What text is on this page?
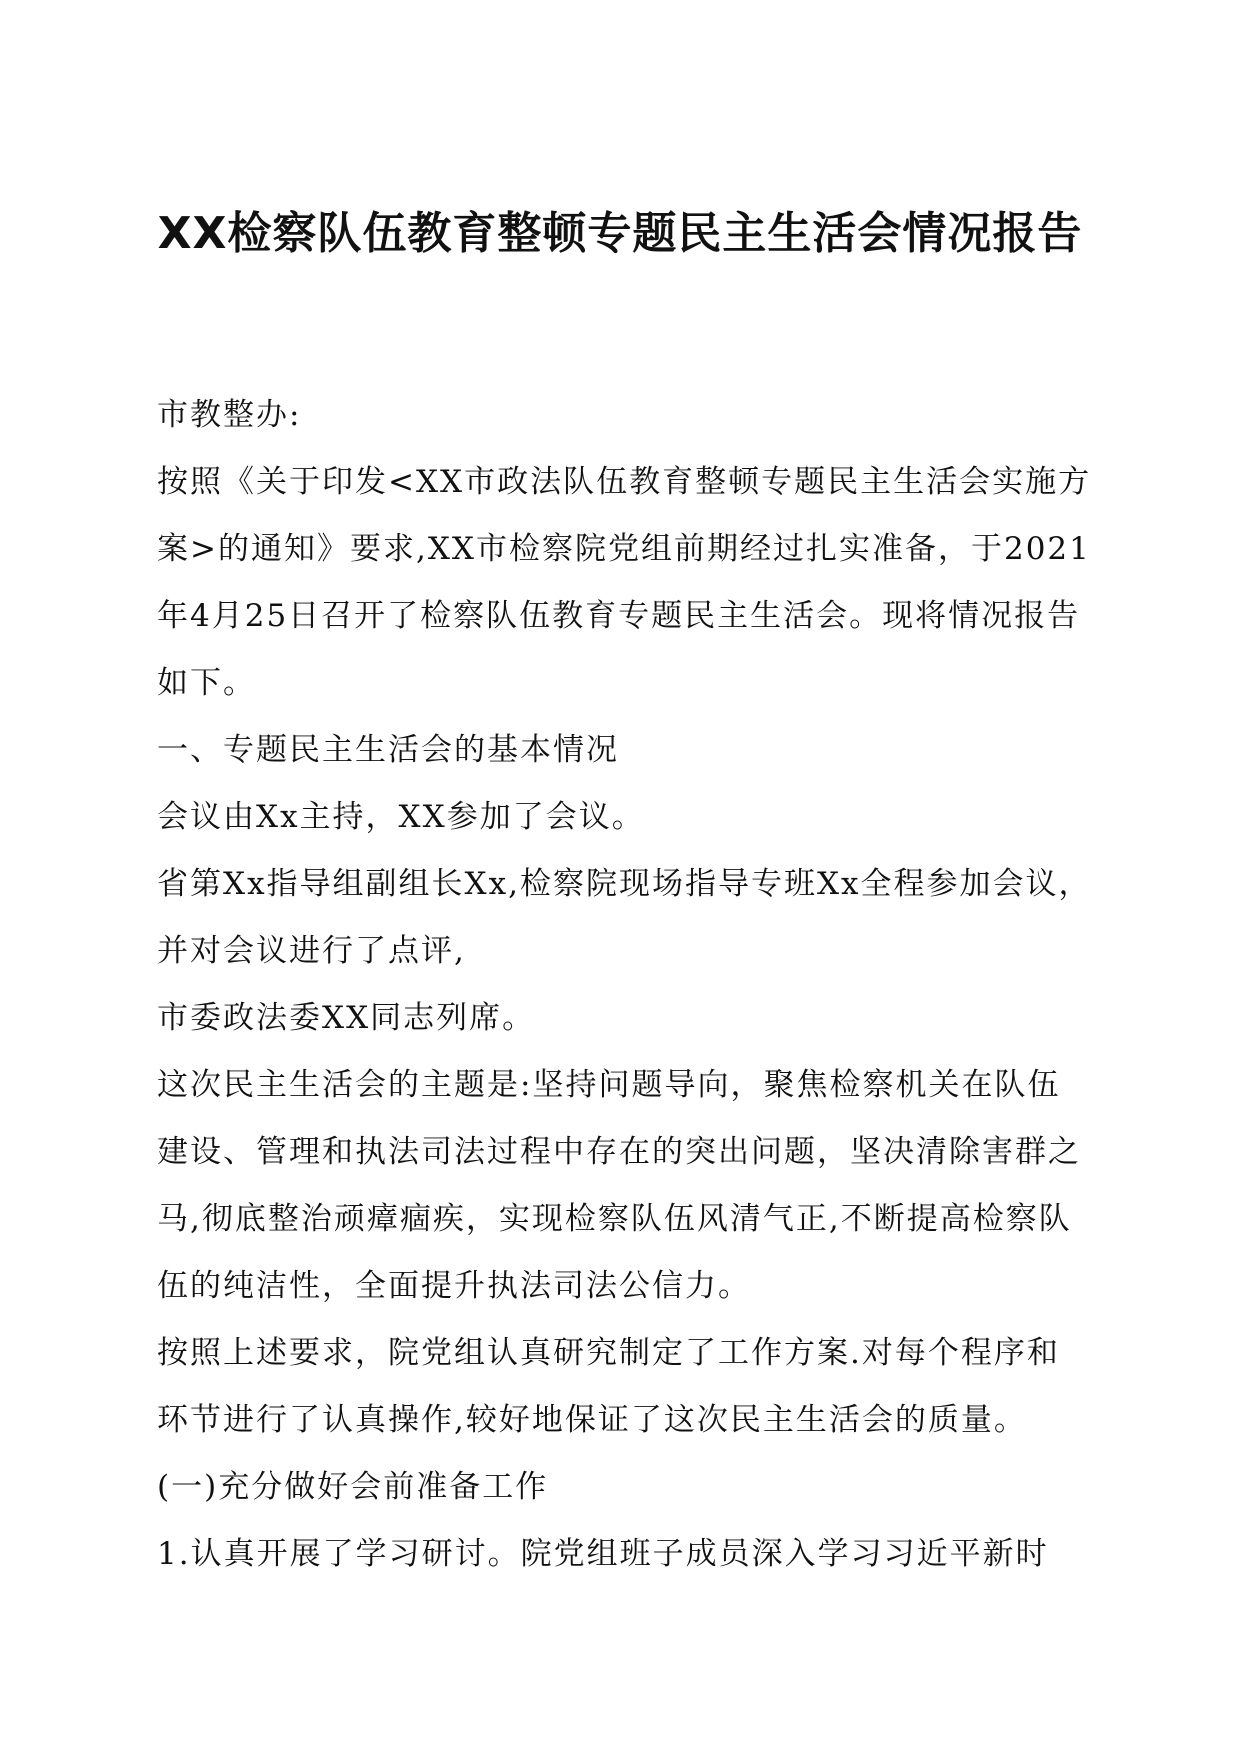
XX检察队伍教育整顿专题民主生活会情况报告

市教整办:

按照《关于印发<XX市政法队伍教育整顿专题民主生活会实施方案>的通知》要求,XX市检察院党组前期经过扎实准备，于2021年4月25日召开了检察队伍教育专题民主生活会。现将情况报告如下。

一、专题民主生活会的基本情况

会议由Xx主持，XX参加了会议。

省第Xx指导组副组长Xx,检察院现场指导专班Xx全程参加会议，并对会议进行了点评,

市委政法委XX同志列席。

这次民主生活会的主题是:坚持问题导向，聚焦检察机关在队伍建设、管理和执法司法过程中存在的突出问题，坚决清除害群之马,彻底整治顽瘴痼疾，实现检察队伍风清气正,不断提高检察队伍的纯洁性，全面提升执法司法公信力。

按照上述要求，院党组认真研究制定了工作方案.对每个程序和环节进行了认真操作,较好地保证了这次民主生活会的质量。

(一)充分做好会前准备工作

1.认真开展了学习研讨。院党组班子成员深入学习习近平新时
